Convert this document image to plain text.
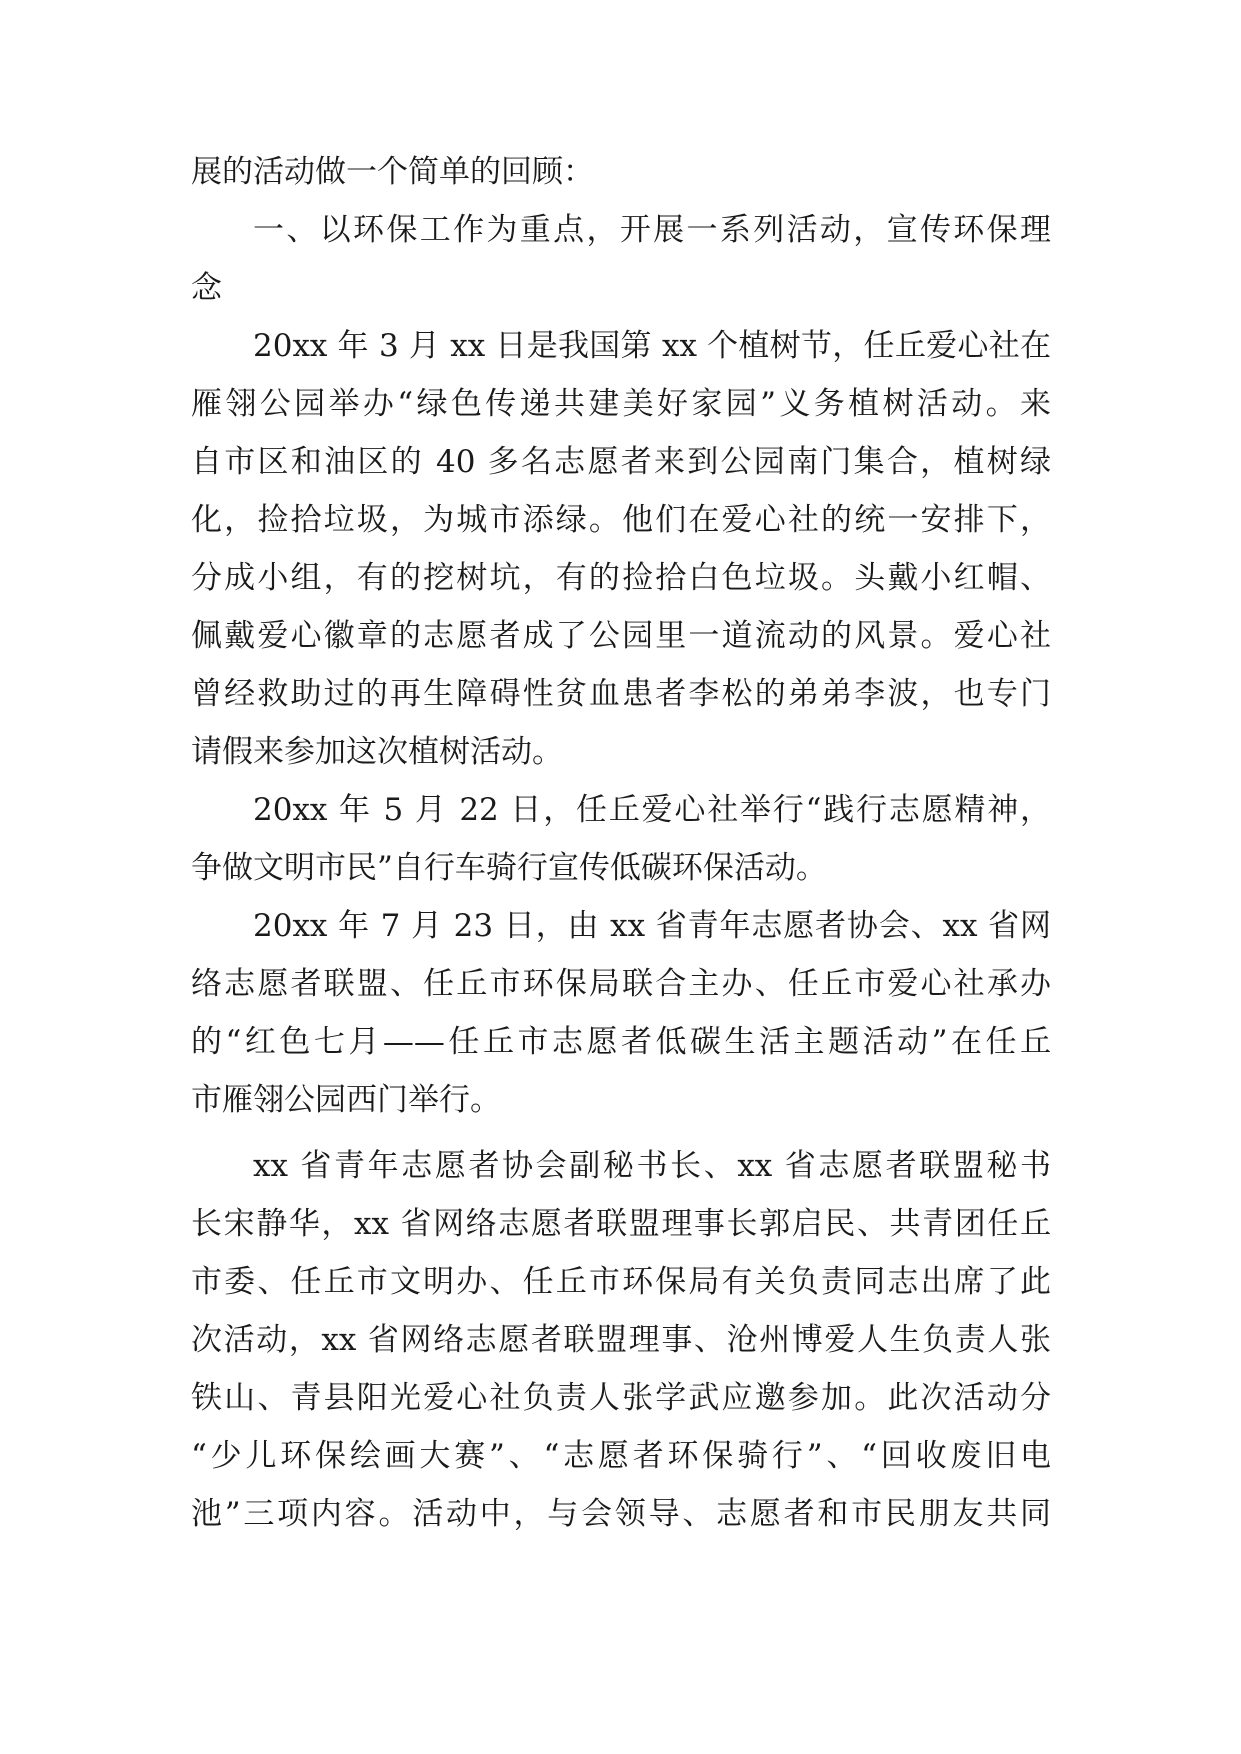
展的活动做一个简单的回顾：
一、以环保工作为重点，开展一系列活动，宣传环保理
念
20xx 年 3 月 xx 日是我国第 xx 个植树节，任丘爱心社在
雁翎公园举办“绿色传递共建美好家园”义务植树活动。来
自市区和油区的 40 多名志愿者来到公园南门集合，植树绿
化，捡拾垃圾，为城市添绿。他们在爱心社的统一安排下，
分成小组，有的挖树坑，有的捡拾白色垃圾。头戴小红帽、
佩戴爱心徽章的志愿者成了公园里一道流动的风景。爱心社
曾经救助过的再生障碍性贫血患者李松的弟弟李波，也专门
请假来参加这次植树活动。
20xx 年 5 月 22 日，任丘爱心社举行“践行志愿精神，
争做文明市民”自行车骑行宣传低碳环保活动。
20xx 年 7 月 23 日，由 xx 省青年志愿者协会、xx 省网
络志愿者联盟、任丘市环保局联合主办、任丘市爱心社承办
的“红色七月——任丘市志愿者低碳生活主题活动”在任丘
市雁翎公园西门举行。
xx 省青年志愿者协会副秘书长、xx 省志愿者联盟秘书
长宋静华，xx 省网络志愿者联盟理事长郭启民、共青团任丘
市委、任丘市文明办、任丘市环保局有关负责同志出席了此
次活动，xx 省网络志愿者联盟理事、沧州博爱人生负责人张
铁山、青县阳光爱心社负责人张学武应邀参加。此次活动分
“少儿环保绘画大赛”、“志愿者环保骑行”、“回收废旧电
池”三项内容。活动中，与会领导、志愿者和市民朋友共同
